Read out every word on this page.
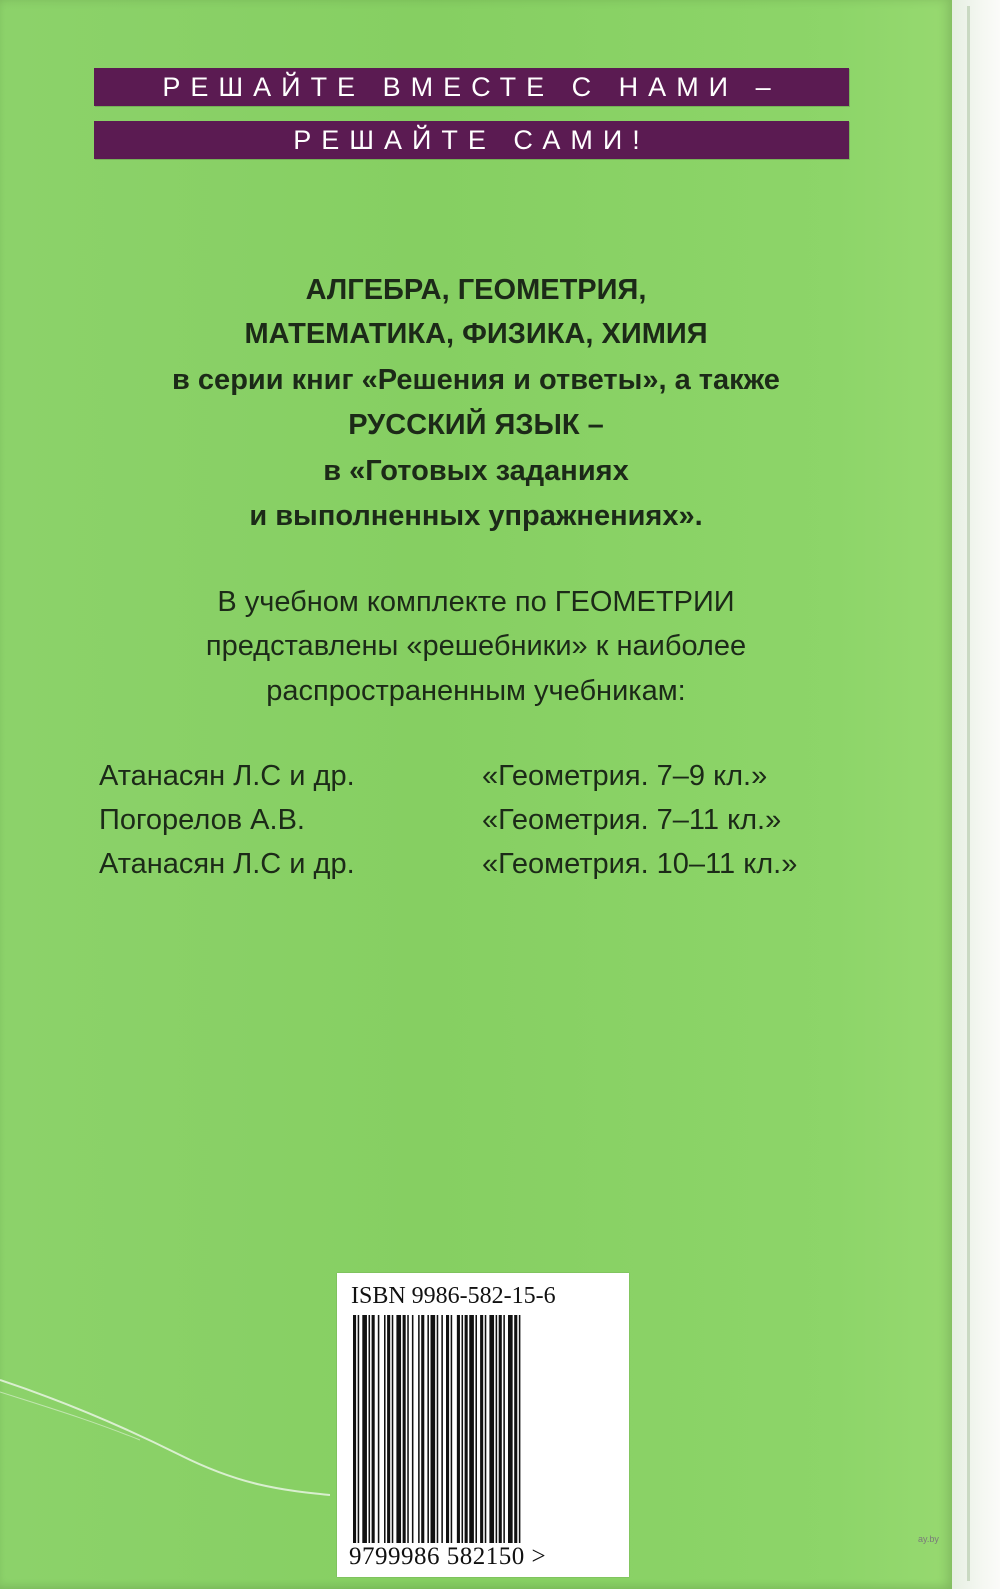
РЕШАЙТЕ ВМЕСТЕ С НАМИ –
РЕШАЙТЕ САМИ!
АЛГЕБРА, ГЕОМЕТРИЯ,
МАТЕМАТИКА, ФИЗИКА, ХИМИЯ
в серии книг «Решения и ответы», а также
РУССКИЙ ЯЗЫК –
в «Готовых заданиях
и выполненных упражнениях».
В учебном комплекте по ГЕОМЕТРИИ
представлены «решебники» к наиболее
распространенным учебникам:
Атанасян Л.С и др.	«Геометрия. 7–9 кл.»
Погорелов А.В.	«Геометрия. 7–11 кл.»
Атанасян Л.С и др.	«Геометрия. 10–11 кл.»
ISBN 9986-582-15-6
9799986 582150 >
ay.by
